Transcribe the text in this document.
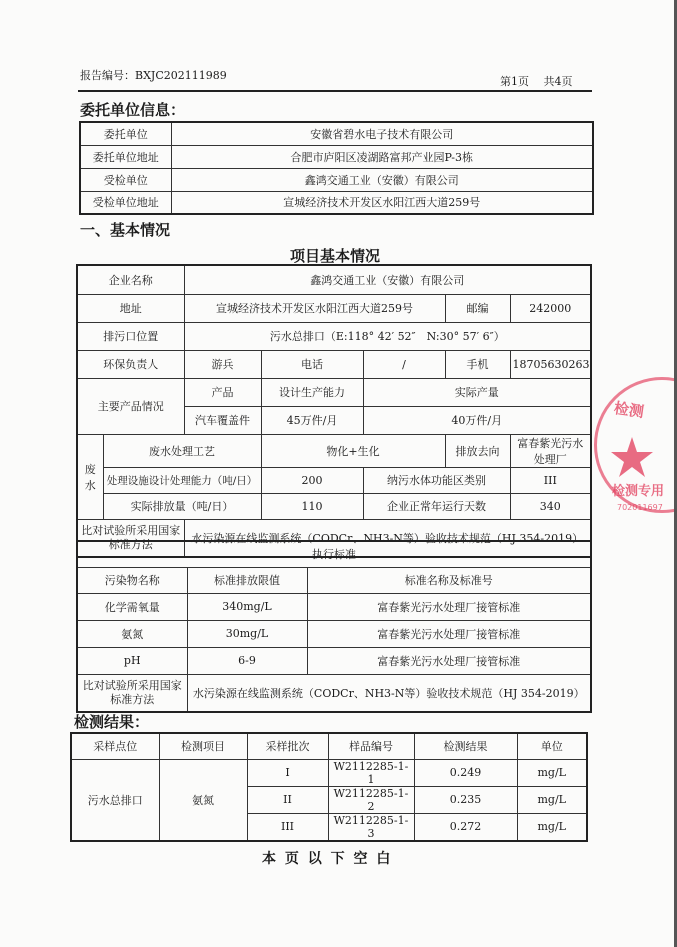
报告编号：BXJC202111989	第1页　 共4页
委托单位信息：
委托单位	安徽省碧水电子技术有限公司
委托单位地址	合肥市庐阳区凌湖路富邦产业园P-3栋
受检单位	鑫鸿交通工业（安徽）有限公司
受检单位地址	宣城经济技术开发区水阳江西大道259号
一、基本情况
项目基本情况
企业名称		鑫鸿交通工业（安徽）有限公司				
地址		宣城经济技术开发区水阳江西大道259号			邮编	242000
排污口位置		污水总排口（E:118° 42′ 52″　N:30° 57′ 6″）				
环保负责人		游兵	电话	/	手机	18705630263
主要产品情况		产品	设计生产能力	实际产量		
		汽车覆盖件	45万件/月	40万件/月		
废水	废水处理工艺		物化+生化		排放去向	富春紫光污水处理厂
	处理设施设计处理能力（吨/日）		200	纳污水体功能区类别		III
	实际排放量（吨/日）		110	企业正常年运行天数		340
比对试验所采用国家标准方法		水污染源在线监测系统（CODCr、NH3-N等）验收技术规范（HJ 354-2019）				
执行标准		
污染物名称	标准排放限值	标准名称及标准号
化学需氧量	340mg/L	富春紫光污水处理厂接管标准
氨氮	30mg/L	富春紫光污水处理厂接管标准
pH	6-9	富春紫光污水处理厂接管标准
比对试验所采用国家标准方法	水污染源在线监测系统（CODCr、NH3-N等）验收技术规范（HJ 354-2019）	
检测结果：
采样点位	检测项目	采样批次	样品编号	检测结果	单位
污水总排口	氨氮	I	W2112285-1-1	0.249	mg/L
		II	W2112285-1-2	0.235	mg/L
		III	W2112285-1-3	0.272	mg/L
本 页 以 下 空 白
检测
检测专用
702011697
